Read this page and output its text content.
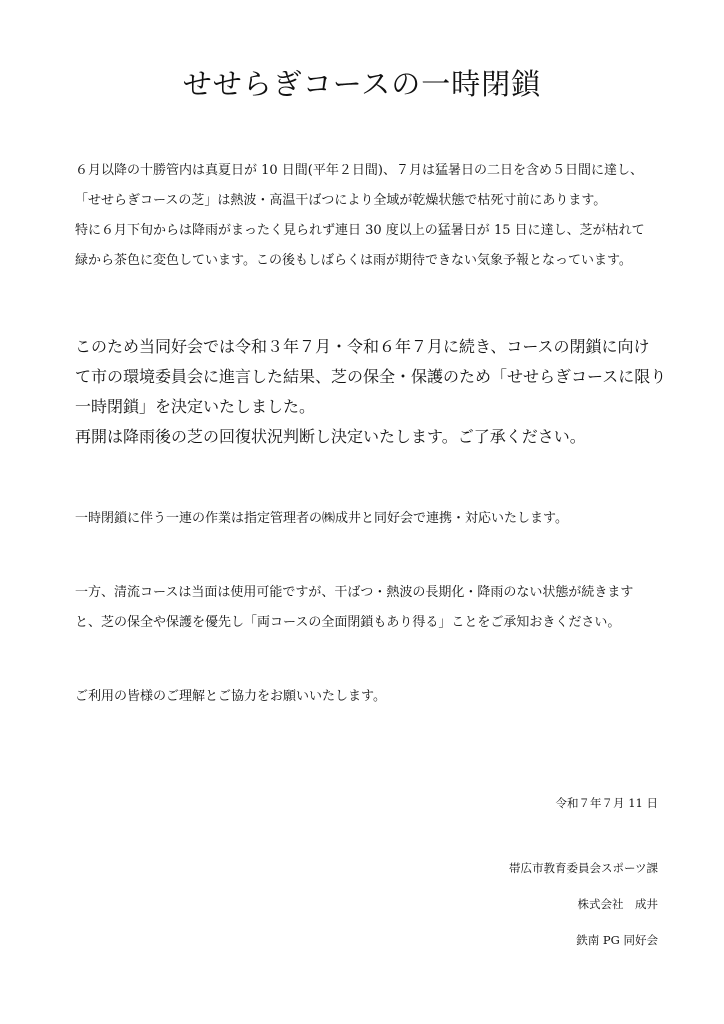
せせらぎコースの一時閉鎖

６月以降の十勝管内は真夏日が 10 日間(平年２日間)、７月は猛暑日の二日を含め５日間に達し、

「せせらぎコースの芝」は熱波・高温干ばつにより全域が乾燥状態で枯死寸前にあります。

特に６月下旬からは降雨がまったく見られず連日 30 度以上の猛暑日が 15 日に達し、芝が枯れて

緑から茶色に変色しています。この後もしばらくは雨が期待できない気象予報となっています。

このため当同好会では令和３年７月・令和６年７月に続き、コースの閉鎖に向け

て市の環境委員会に進言した結果、芝の保全・保護のため「せせらぎコースに限り

一時閉鎖」を決定いたしました。

再開は降雨後の芝の回復状況判断し決定いたします。ご了承ください。

一時閉鎖に伴う一連の作業は指定管理者の㈱成井と同好会で連携・対応いたします。

一方、清流コースは当面は使用可能ですが、干ばつ・熱波の長期化・降雨のない状態が続きます

と、芝の保全や保護を優先し「両コースの全面閉鎖もあり得る」ことをご承知おきください。

ご利用の皆様のご理解とご協力をお願いいたします。

令和７年７月 11 日

帯広市教育委員会スポーツ課

株式会社　成井

鉄南 PG 同好会
